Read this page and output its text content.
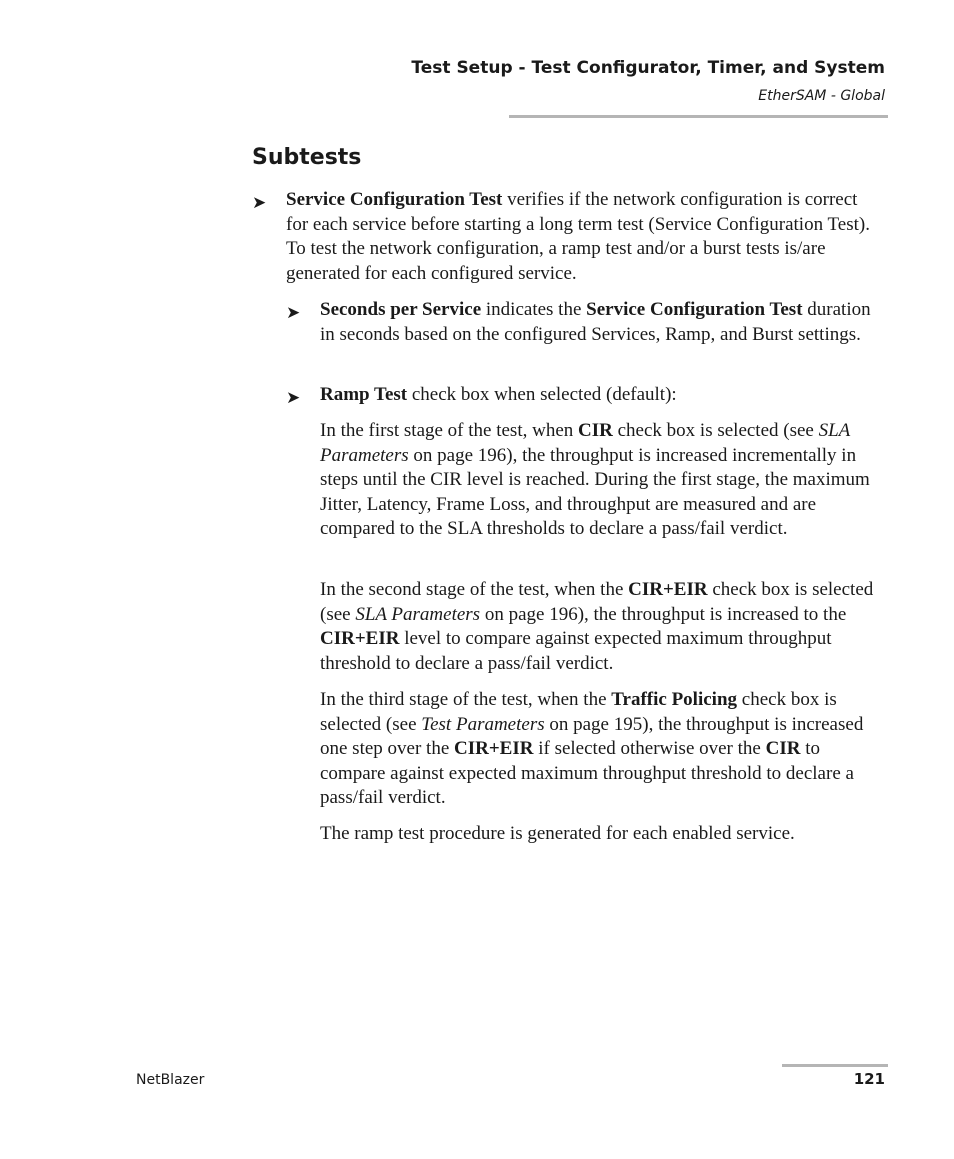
Test Setup - Test Configurator, Timer, and System
EtherSAM - Global
Subtests
➤ Service Configuration Test verifies if the network configuration is correct for each service before starting a long term test (Service Configuration Test). To test the network configuration, a ramp test and/or a burst tests is/are generated for each configured service.

➤ Seconds per Service indicates the Service Configuration Test duration in seconds based on the configured Services, Ramp, and Burst settings.

➤ Ramp Test check box when selected (default):

In the first stage of the test, when CIR check box is selected (see SLA Parameters on page 196), the throughput is increased incrementally in steps until the CIR level is reached. During the first stage, the maximum Jitter, Latency, Frame Loss, and throughput are measured and are compared to the SLA thresholds to declare a pass/fail verdict.

In the second stage of the test, when the CIR+EIR check box is selected (see SLA Parameters on page 196), the throughput is increased to the CIR+EIR level to compare against expected maximum throughput threshold to declare a pass/fail verdict.

In the third stage of the test, when the Traffic Policing check box is selected (see Test Parameters on page 195), the throughput is increased one step over the CIR+EIR if selected otherwise over the CIR to compare against expected maximum throughput threshold to declare a pass/fail verdict.

The ramp test procedure is generated for each enabled service.

NetBlazer	121
